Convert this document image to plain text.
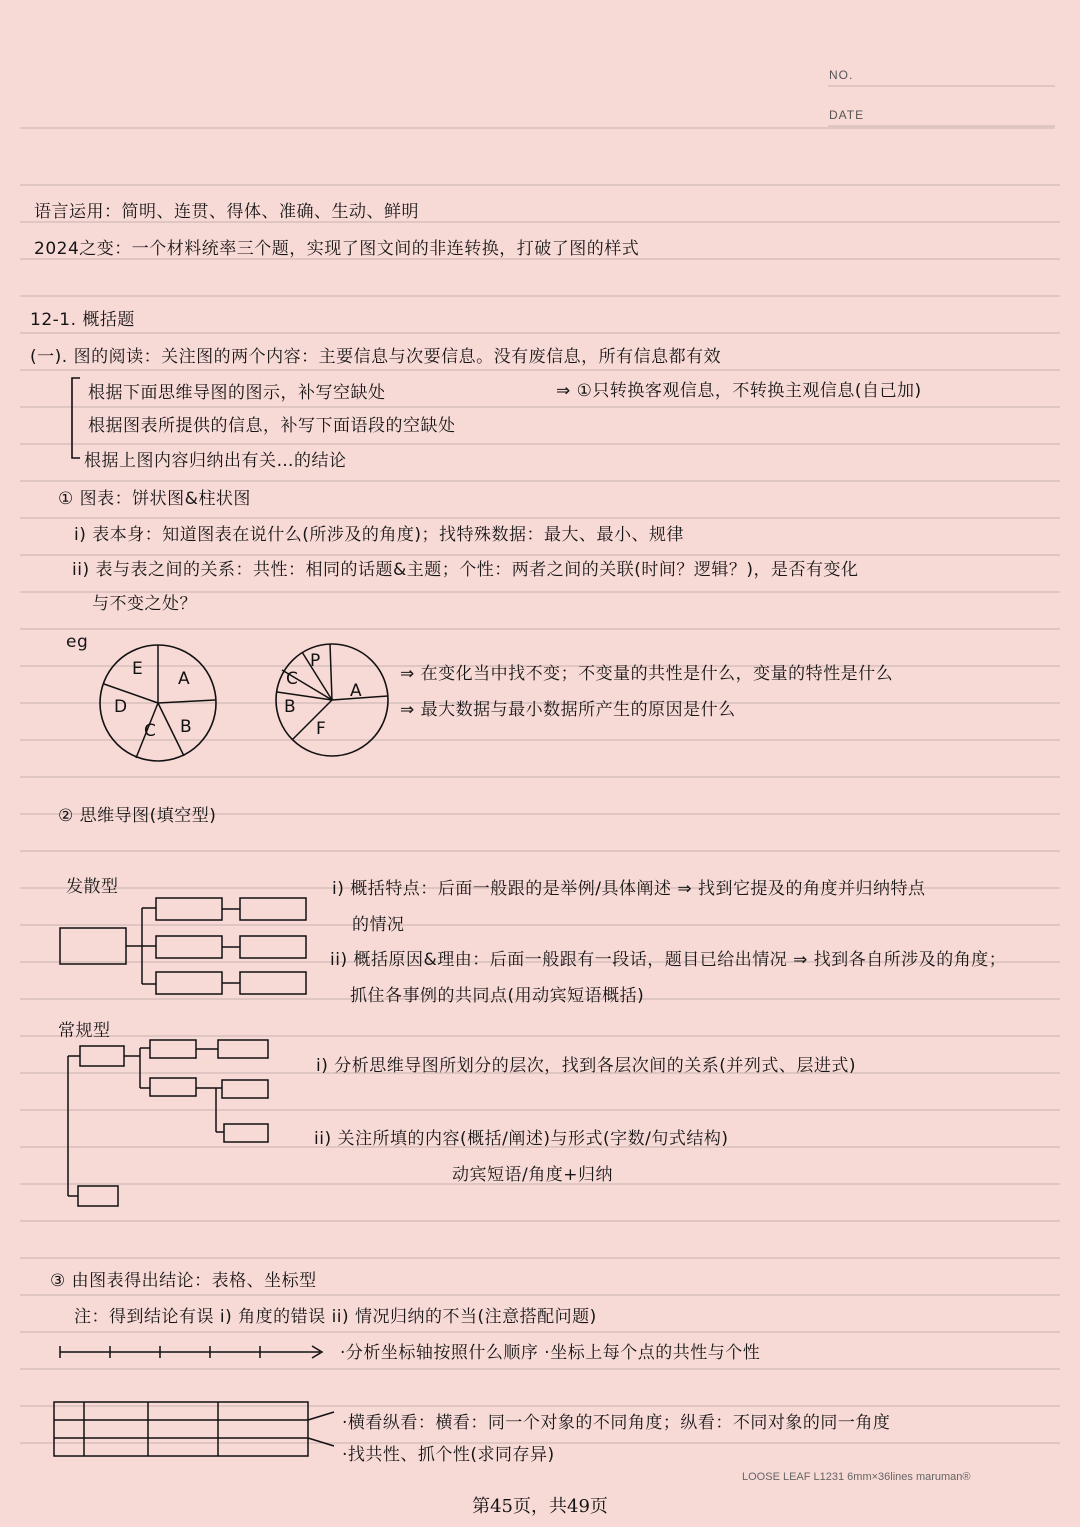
NO.
DATE
语言运用：简明、连贯、得体、准确、生动、鲜明
2024之变：一个材料统率三个题，实现了图文间的非连转换，打破了图的样式
12-1. 概括题
(一). 图的阅读：关注图的两个内容：主要信息与次要信息。没有废信息，所有信息都有效
根据下面思维导图的图示，补写空缺处	⇒ ①只转换客观信息，不转换主观信息(自己加)
根据图表所提供的信息，补写下面语段的空缺处
根据上图内容归纳出有关…的结论
① 图表：饼状图&柱状图
i) 表本身：知道图表在说什么(所涉及的角度)；找特殊数据：最大、最小、规律
ii) 表与表之间的关系：共性：相同的话题&主题；个性：两者之间的关联(时间？逻辑？)，是否有变化
与不变之处？
eg
E A
B
C
D
P
A
F
B
C	⇒ 在变化当中找不变；不变量的共性是什么，变量的特性是什么
⇒ 最大数据与最小数据所产生的原因是什么
② 思维导图(填空型)
发散型	i) 概括特点：后面一般跟的是举例/具体阐述 ⇒ 找到它提及的角度并归纳特点
的情况
ii) 概括原因&理由：后面一般跟有一段话，题目已给出情况 ⇒ 找到各自所涉及的角度；
抓住各事例的共同点(用动宾短语概括)
常规型
i) 分析思维导图所划分的层次，找到各层次间的关系(并列式、层进式)
ii) 关注所填的内容(概括/阐述)与形式(字数/句式结构)
动宾短语/角度+归纳
③ 由图表得出结论：表格、坐标型
注：得到结论有误 i) 角度的错误 ii) 情况归纳的不当(注意搭配问题)
·分析坐标轴按照什么顺序 ·坐标上每个点的共性与个性
·横看纵看：横看：同一个对象的不同角度；纵看：不同对象的同一角度
·找共性、抓个性(求同存异)
LOOSE LEAF L1231 6mm×36lines maruman®
第45页，共49页
